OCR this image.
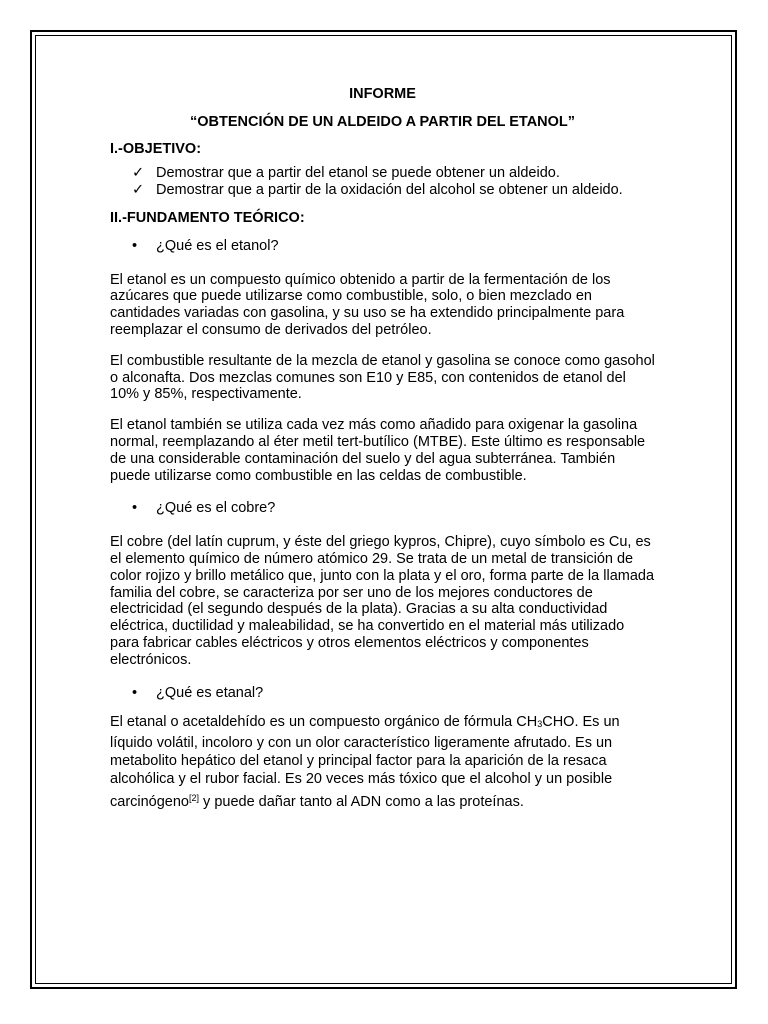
INFORME

“OBTENCIÓN DE UN ALDEIDO A PARTIR DEL ETANOL”

I.-OBJETIVO:

✓ Demostrar que a partir del etanol se puede obtener un aldeido.
✓ Demostrar que a partir de la oxidación del alcohol se obtener un aldeido.

II.-FUNDAMENTO TEÓRICO:

• ¿Qué es el etanol?

El etanol es un compuesto químico obtenido a partir de la fermentación de los azúcares que puede utilizarse como combustible, solo, o bien mezclado en cantidades variadas con gasolina, y su uso se ha extendido principalmente para reemplazar el consumo de derivados del petróleo.

El combustible resultante de la mezcla de etanol y gasolina se conoce como gasohol o alconafta. Dos mezclas comunes son E10 y E85, con contenidos de etanol del 10% y 85%, respectivamente.

El etanol también se utiliza cada vez más como añadido para oxigenar la gasolina normal, reemplazando al éter metil tert-butílico (MTBE). Este último es responsable de una considerable contaminación del suelo y del agua subterránea. También puede utilizarse como combustible en las celdas de combustible.

• ¿Qué es el cobre?

El cobre (del latín cuprum, y éste del griego kypros, Chipre), cuyo símbolo es Cu, es el elemento químico de número atómico 29. Se trata de un metal de transición de color rojizo y brillo metálico que, junto con la plata y el oro, forma parte de la llamada familia del cobre, se caracteriza por ser uno de los mejores conductores de electricidad (el segundo después de la plata). Gracias a su alta conductividad eléctrica, ductilidad y maleabilidad, se ha convertido en el material más utilizado para fabricar cables eléctricos y otros elementos eléctricos y componentes electrónicos.

• ¿Qué es etanal?

El etanal o acetaldehído es un compuesto orgánico de fórmula $CH_3CHO$. Es un líquido volátil, incoloro y con un olor característico ligeramente afrutado. Es un metabolito hepático del etanol y principal factor para la aparición de la resaca alcohólica y el rubor facial. Es 20 veces más tóxico que el alcohol y un posible carcinógeno[2] y puede dañar tanto al ADN como a las proteínas.
